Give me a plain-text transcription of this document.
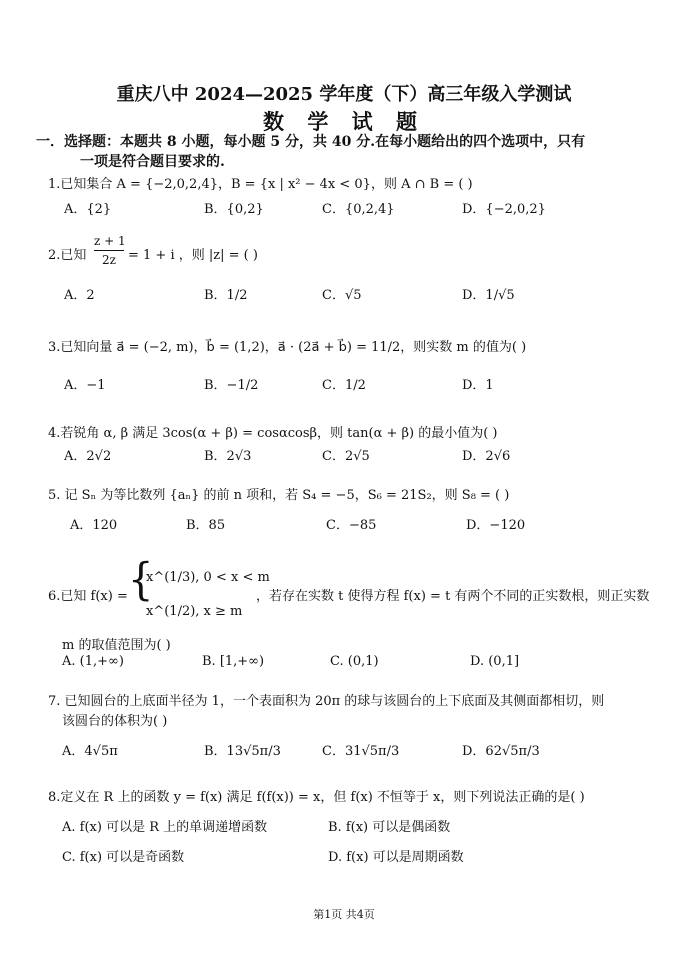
重庆八中 2024—2025 学年度（下）高三年级入学测试
数 学 试 题
一．选择题：本题共 8 小题，每小题 5 分，共 40 分.在每小题给出的四个选项中，只有
一项是符合题目要求的.
1.已知集合 A = {−2,0,2,4}，B = {x | x² − 4x < 0}，则 A ∩ B = ( )
A．{2}	B．{0,2}	C．{0,2,4}	D．{−2,0,2}
2.已知
z + 1
2z = 1 + i ，则 |z| = ( )
A．2	B．1/2	C．√5	D．1/√5
3.已知向量 a⃗ = (−2, m)，b⃗ = (1,2)，a⃗ · (2a⃗ + b⃗) = 11/2，则实数 m 的值为( )
A．−1	B．−1/2	C．1/2	D．1
4.若锐角 α, β 满足 3cos(α + β) = cosαcosβ，则 tan(α + β) 的最小值为( )
A．2√2	B．2√3	C．2√5	D．2√6
5. 记 Sₙ 为等比数列 {aₙ} 的前 n 项和，若 S₄ = −5，S₆ = 21S₂，则 S₈ = ( )
A．120	B．85	C．−85	D．−120
6.已知 f(x) = {
x^(1/3), 0 < x < m
x^(1/2), x ≥ m
，若存在实数 t 使得方程 f(x) = t 有两个不同的正实数根，则正实数
m 的取值范围为( )
A. (1,+∞)	B. [1,+∞)	C. (0,1)	D. (0,1]
7. 已知圆台的上底面半径为 1，一个表面积为 20π 的球与该圆台的上下底面及其侧面都相切，则
该圆台的体积为( )
A．4√5π	B．13√5π/3	C．31√5π/3	D．62√5π/3
8.定义在 R 上的函数 y = f(x) 满足 f(f(x)) = x，但 f(x) 不恒等于 x，则下列说法正确的是( )
A. f(x) 可以是 R 上的单调递增函数	B. f(x) 可以是偶函数
C. f(x) 可以是奇函数	D. f(x) 可以是周期函数
第1页 共4页
